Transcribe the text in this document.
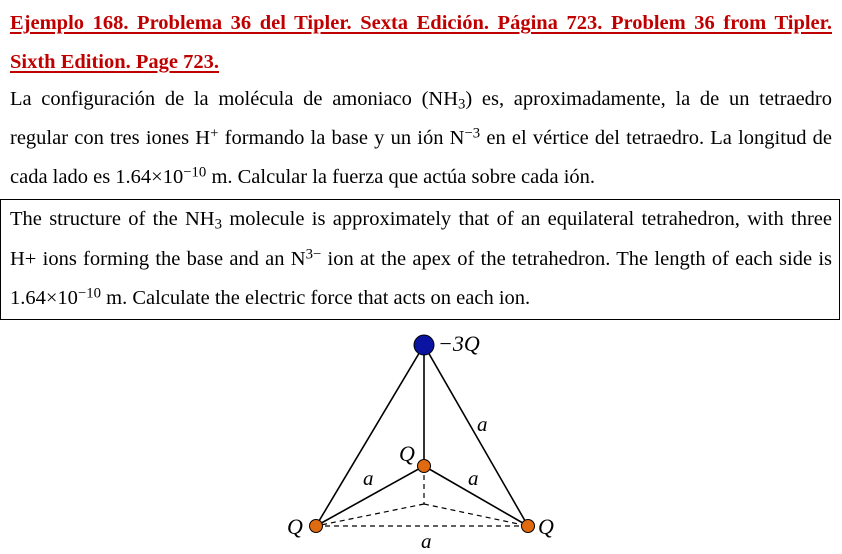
Ejemplo 168. Problema 36 del Tipler. Sexta Edición. Página 723. Problem 36 from Tipler. Sixth Edition. Page 723.

La configuración de la molécula de amoniaco $(NH_3)$ es, aproximadamente, la de un tetraedro regular con tres iones H+ formando la base y un ión $N^{-3}$ en el vértice del tetraedro. La longitud de cada lado es $1.64\times 10^{-10}$ m. Calcular la fuerza que actúa sobre cada ión.

The structure of the $NH_3$ molecule is approximately that of an equilateral tetrahedron, with three H+ ions forming the base and an $N^{3-}$ ion at the apex of the tetrahedron. The length of each side is $1.64\times 10^{-10}$ m. Calculate the electric force that acts on each ion.

−3Q
Q
Q	Q
a
a	a
a
